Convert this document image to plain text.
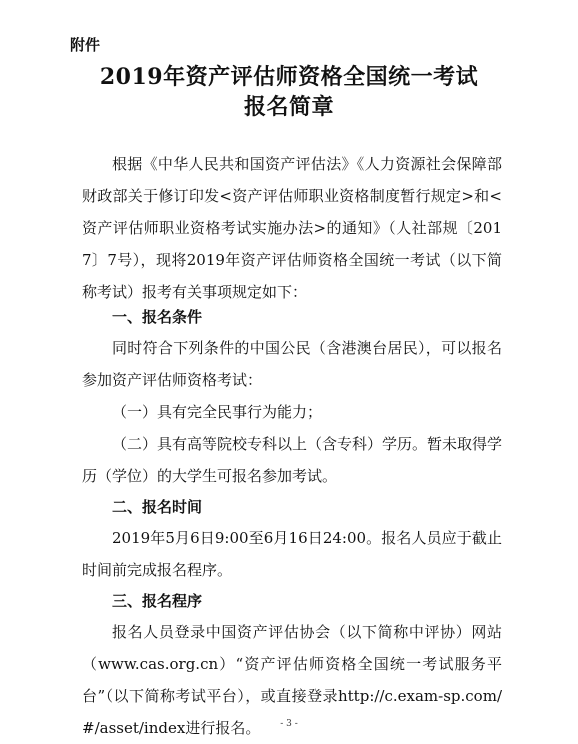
附件
2019年资产评估师资格全国统一考试
报名简章
根据《中华人民共和国资产评估法》《人力资源社会保障部 财政部关于修订印发<资产评估师职业资格制度暂行规定>和<资产评估师职业资格考试实施办法>的通知》（人社部规〔2017〕7号），现将2019年资产评估师资格全国统一考试（以下简称考试）报考有关事项规定如下：
一、报名条件
同时符合下列条件的中国公民（含港澳台居民），可以报名参加资产评估师资格考试：
（一）具有完全民事行为能力；
（二）具有高等院校专科以上（含专科）学历。暂未取得学历（学位）的大学生可报名参加考试。
二、报名时间
2019年5月6日9:00至6月16日24:00。报名人员应于截止时间前完成报名程序。
三、报名程序
报名人员登录中国资产评估协会（以下简称中评协）网站（www.cas.org.cn）“资产评估师资格全国统一考试服务平台”（以下简称考试平台），或直接登录http://c.exam-sp.com/#/asset/index进行报名。	- 3 -
